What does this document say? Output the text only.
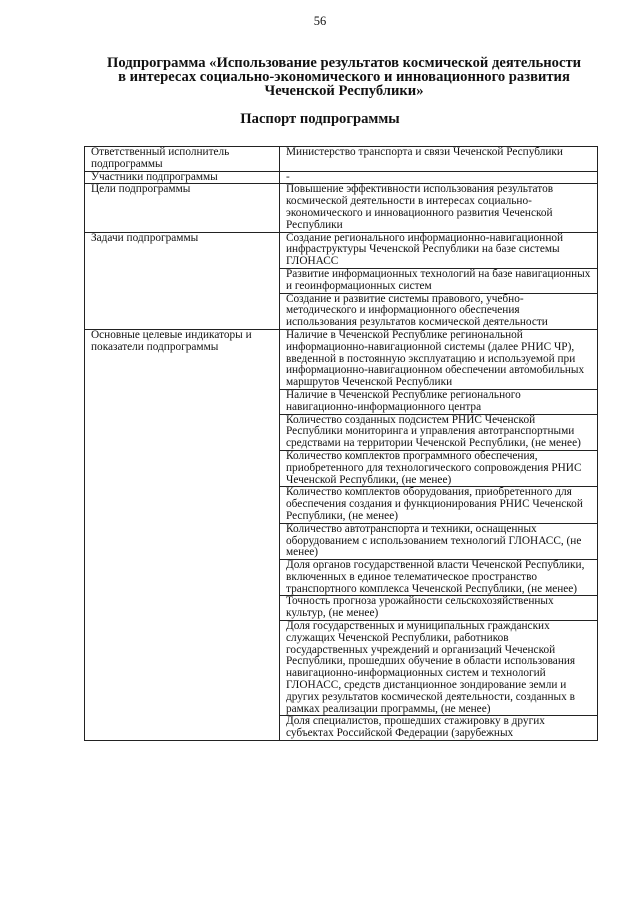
56
Подпрограмма «Использование результатов космической деятельности
в интересах социально-экономического и инновационного развития
Чеченской Республики»
Паспорт подпрограммы
Ответственный исполнитель подпрограммы	Министерство транспорта и связи Чеченской Республики
Участники подпрограммы	-
Цели подпрограммы	Повышение эффективности использования результатов космической деятельности в интересах социально-экономического и инновационного развития Чеченской Республики
Задачи подпрограммы	Создание регионального информационно-навигационной инфраструктуры Чеченской Республики на базе системы ГЛОНАСС
	Развитие информационных технологий на базе навигационных и геоинформационных систем
	Создание и развитие системы правового, учебно-методического и информационного обеспечения использования результатов космической деятельности
Основные целевые индикаторы и показатели подпрограммы	Наличие в Чеченской Республике регинональной информационно-навигационной системы (далее РНИС ЧР), введенной в постоянную эксплуатацию и используемой при информационно-навигационном обеспечении автомобильных маршрутов Чеченской Республики
	Наличие в Чеченской Республике регионального навигационно-информационного центра
	Количество созданных подсистем РНИС Чеченской Республики мониторинга и управления автотранспортными средствами на территории Чеченской Республики, (не менее)
	Количество комплектов программного обеспечения, приобретенного для технологического сопровождения РНИС Чеченской Республики, (не менее)
	Количество комплектов оборудования, приобретенного для обеспечения создания и функционирования РНИС Чеченской Республики, (не менее)
	Количество автотранспорта и техники, оснащенных оборудованием с использованием технологий ГЛОНАСС, (не менее)
	Доля органов государственной власти Чеченской Республики, включенных в единое телематическое пространство транспортного комплекса Чеченской Республики, (не менее)
	Точность прогноза урожайности сельскохозяйственных культур, (не менее)
	Доля государственных и муниципальных гражданских служащих Чеченской Республики, работников государственных учреждений и организаций Чеченской Республики, прошедших обучение в области использования навигационно-информационных систем и технологий ГЛОНАСС, средств дистанционное зондирование земли и других результатов космической деятельности, созданных в рамках реализации программы, (не менее)
	Доля специалистов, прошедших стажировку в других субъектах Российской Федерации (зарубежных
